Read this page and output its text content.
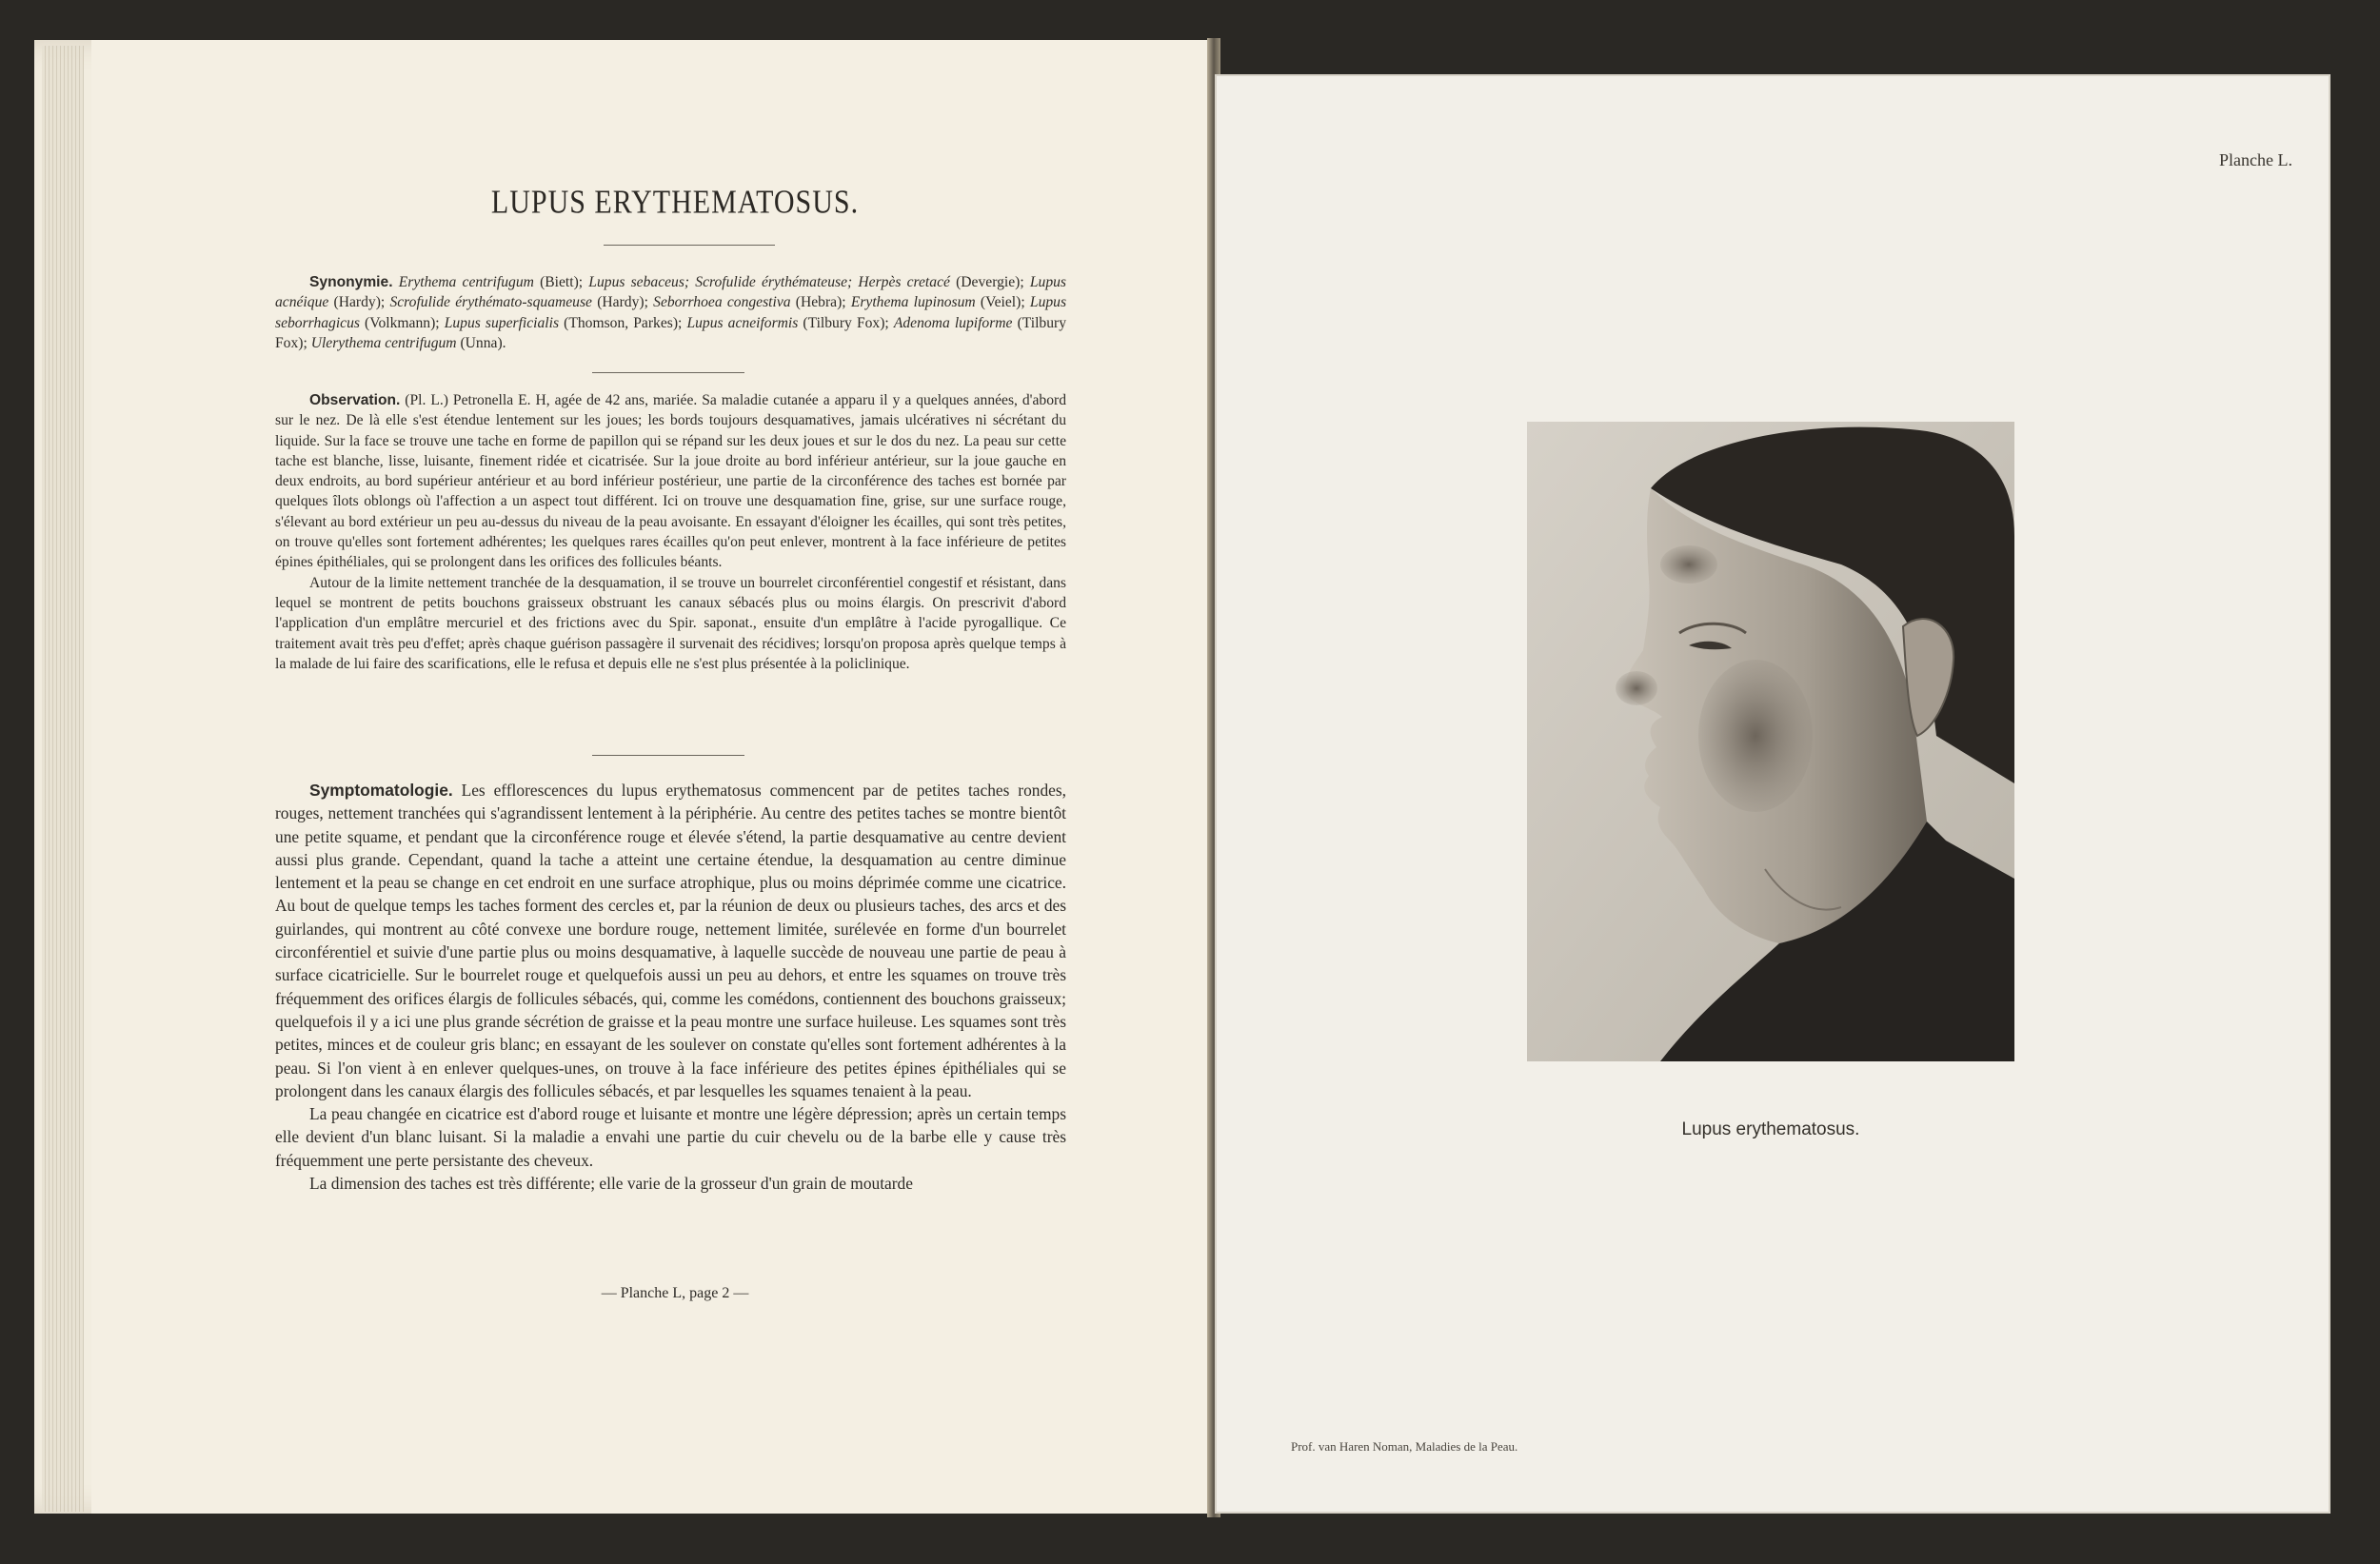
LUPUS ERYTHEMATOSUS.

Synonymie. Erythema centrifugum (Biett); Lupus sebaceus; Scrofulide érythémateuse; Herpès cretacé (Devergie); Lupus acnéique (Hardy); Scrofulide érythémato-squameuse (Hardy); Seborrhoea congestiva (Hebra); Erythema lupinosum (Veiel); Lupus seborrhagicus (Volkmann); Lupus superficialis (Thomson, Parkes); Lupus acneiformis (Tilbury Fox); Adenoma lupiforme (Tilbury Fox); Ulerythema centrifugum (Unna).

Observation. (Pl. L.) Petronella E. H, agée de 42 ans, mariée. Sa maladie cutanée a apparu il y a quelques années, d'abord sur le nez. De là elle s'est étendue lentement sur les joues; les bords toujours desquamatives, jamais ulcératives ni sécrétant du liquide. Sur la face se trouve une tache en forme de papillon qui se répand sur les deux joues et sur le dos du nez. La peau sur cette tache est blanche, lisse, luisante, finement ridée et cicatrisée. Sur la joue droite au bord inférieur antérieur, sur la joue gauche en deux endroits, au bord supérieur antérieur et au bord inférieur postérieur, une partie de la circonférence des taches est bornée par quelques îlots oblongs où l'affection a un aspect tout différent. Ici on trouve une desquamation fine, grise, sur une surface rouge, s'élevant au bord extérieur un peu au-dessus du niveau de la peau avoisante. En essayant d'éloigner les écailles, qui sont très petites, on trouve qu'elles sont fortement adhérentes; les quelques rares écailles qu'on peut enlever, montrent à la face inférieure de petites épines épithéliales, qui se prolongent dans les orifices des follicules béants.

Autour de la limite nettement tranchée de la desquamation, il se trouve un bourrelet circonférentiel congestif et résistant, dans lequel se montrent de petits bouchons graisseux obstruant les canaux sébacés plus ou moins élargis. On prescrivit d'abord l'application d'un emplâtre mercuriel et des frictions avec du Spir. saponat., ensuite d'un emplâtre à l'acide pyrogallique. Ce traitement avait très peu d'effet; après chaque guérison passagère il survenait des récidives; lorsqu'on proposa après quelque temps à la malade de lui faire des scarifications, elle le refusa et depuis elle ne s'est plus présentée à la policlinique.

Symptomatologie. Les efflorescences du lupus erythematosus commencent par de petites taches rondes, rouges, nettement tranchées qui s'agrandissent lentement à la périphérie. Au centre des petites taches se montre bientôt une petite squame, et pendant que la circonférence rouge et élevée s'étend, la partie desquamative au centre devient aussi plus grande. Cependant, quand la tache a atteint une certaine étendue, la desquamation au centre diminue lentement et la peau se change en cet endroit en une surface atrophique, plus ou moins déprimée comme une cicatrice. Au bout de quelque temps les taches forment des cercles et, par la réunion de deux ou plusieurs taches, des arcs et des guirlandes, qui montrent au côté convexe une bordure rouge, nettement limitée, surélevée en forme d'un bourrelet circonférentiel et suivie d'une partie plus ou moins desquamative, à laquelle succède de nouveau une partie de peau à surface cicatricielle. Sur le bourrelet rouge et quelquefois aussi un peu au dehors, et entre les squames on trouve très fréquemment des orifices élargis de follicules sébacés, qui, comme les comédons, contiennent des bouchons graisseux; quelquefois il y a ici une plus grande sécrétion de graisse et la peau montre une surface huileuse. Les squames sont très petites, minces et de couleur gris blanc; en essayant de les soulever on constate qu'elles sont fortement adhérentes à la peau. Si l'on vient à en enlever quelques-unes, on trouve à la face inférieure des petites épines épithéliales qui se prolongent dans les canaux élargis des follicules sébacés, et par lesquelles les squames tenaient à la peau.

La peau changée en cicatrice est d'abord rouge et luisante et montre une légère dépression; après un certain temps elle devient d'un blanc luisant. Si la maladie a envahi une partie du cuir chevelu ou de la barbe elle y cause très fréquemment une perte persistante des cheveux.

La dimension des taches est très différente; elle varie de la grosseur d'un grain de moutarde

— Planche L, page 2 —
Planche L.
Lupus erythematosus.
Prof. van Haren Noman, Maladies de la Peau.
